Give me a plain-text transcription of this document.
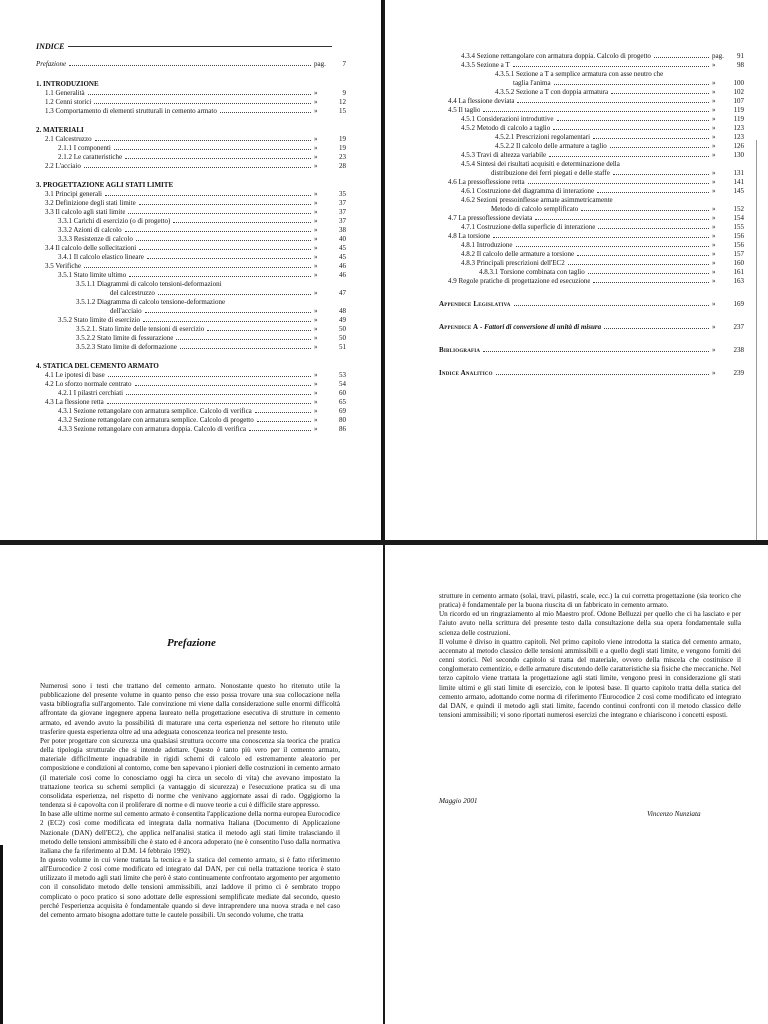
INDICE
Prefazione	pag.	7
1. INTRODUZIONE
1.1 Generalità	»	9
1.2 Cenni storici	»	12
1.3 Comportamento di elementi strutturali in cemento armato	»	15
2. MATERIALI
2.1 Calcestruzzo	»	19
2.1.1 I componenti	»	19
2.1.2 Le caratteristiche	»	23
2.2 L'acciaio	»	28
3. PROGETTAZIONE AGLI STATI LIMITE
3.1 Principi generali	»	35
3.2 Definizione degli stati limite	»	37
3.3 Il calcolo agli stati limite	»	37
3.3.1 Carichi di esercizio (o di progetto)	»	37
3.3.2 Azioni di calcolo	»	38
3.3.3 Resistenze di calcolo	»	40
3.4 Il calcolo delle sollecitazioni	»	45
3.4.1 Il calcolo elastico lineare	»	45
3.5 Verifiche	»	46
3.5.1 Stato limite ultimo	»	46
3.5.1.1 Diagrammi di calcolo tensioni-deformazioni
del calcestruzzo	»	47
3.5.1.2 Diagramma di calcolo tensione-deformazione
dell'acciaio	»	48
3.5.2 Stato limite di esercizio	»	49
3.5.2.1. Stato limite delle tensioni di esercizio	»	50
3.5.2.2 Stato limite di fessurazione	»	50
3.5.2.3 Stato limite di deformazione	»	51
4. STATICA DEL CEMENTO ARMATO
4.1 Le ipotesi di base	»	53
4.2 Lo sforzo normale centrato	»	54
4.2.1 I pilastri cerchiati	»	60
4.3 La flessione retta	»	65
4.3.1 Sezione rettangolare con armatura semplice. Calcolo di verifica	»	69
4.3.2 Sezione rettangolare con armatura semplice. Calcolo di progetto	»	80
4.3.3 Sezione rettangolare con armatura doppia. Calcolo di verifica	»	86
4.3.4 Sezione rettangolare con armatura doppia. Calcolo di progetto	pag.	91
4.3.5 Sezione a T	»	98
4.3.5.1 Sezione a T a semplice armatura con asse neutro che
taglia l'anima	»	100
4.3.5.2 Sezione a T con doppia armatura	»	102
4.4 La flessione deviata	»	107
4.5 Il taglio	»	119
4.5.1 Considerazioni introduttive	»	119
4.5.2 Metodo di calcolo a taglio	»	123
4.5.2.1 Prescrizioni regolamentari	»	123
4.5.2.2 Il calcolo delle armature a taglio	»	126
4.5.3 Travi di altezza variabile	»	130
4.5.4 Sintesi dei risultati acquisiti e determinazione della
distribuzione dei ferri piegati e delle staffe	»	131
4.6 La pressoflessione retta	»	141
4.6.1 Costruzione del diagramma di interazione	»	145
4.6.2 Sezioni pressoinflesse armate asimmetricamente
Metodo di calcolo semplificato	»	152
4.7 La pressoflessione deviata	»	154
4.7.1 Costruzione della superficie di interazione	»	155
4.8 La torsione	»	156
4.8.1 Introduzione	»	156
4.8.2 Il calcolo delle armature a torsione	»	157
4.8.3 Principali prescrizioni dell'EC2	»	160
4.8.3.1 Torsione combinata con taglio	»	161
4.9 Regole pratiche di progettazione ed esecuzione	»	163
Appendice Legislativa	»	169
Appendice A - Fattori di conversione di unità di misura	»	237
Bibliografia	»	238
Indice Analitico	»	239
Prefazione

Numerosi sono i testi che trattano del cemento armato. Nonostante questo ho ritenuto utile la pubblicazione del presente volume in quanto penso che esso possa trovare una sua collocazione nella vasta bibliografia sull'argomento. Tale convinzione mi viene dalla considerazione sulle enormi difficoltà affrontate da giovane ingegnere appena laureato nella progettazione esecutiva di strutture in cemento armato, ed avendo avuto la possibilità di maturare una certa esperienza nel settore ho ritenuto utile trasferire questa esperienza oltre ad una adeguata conoscenza teorica nel presente testo.

Per poter progettare con sicurezza una qualsiasi struttura occorre una conoscenza sia teorica che pratica della tipologia strutturale che si intende adottare. Questo è tanto più vero per il cemento armato, materiale difficilmente inquadrabile in rigidi schemi di calcolo ed estremamente aleatorio per composizione e condizioni al contorno, come ben sapevano i pionieri delle costruzioni in cemento armato (il materiale così come lo conosciamo oggi ha circa un secolo di vita) che avevano impostato la trattazione teorica su schemi semplici (a vantaggio di sicurezza) e l'esecuzione pratica su di una consolidata esperienza, nel rispetto di norme che venivano aggiornate assai di rado. Oggigiorno la tendenza si è capovolta con il proliferare di norme e di nuove teorie a cui è difficile stare appresso.

In base alle ultime norme sul cemento armato è consentita l'applicazione della norma europea Eurocodice 2 (EC2) così come modificata ed integrata dalla normativa Italiana (Documento di Applicazione Nazionale (DAN) dell'EC2), che applica nell'analisi statica il metodo agli stati limite tralasciando il metodo delle tensioni ammissibili che è stato ed è ancora adoperato (ne è consentito l'uso dalla normativa italiana che fa riferimento al D.M. 14 febbraio 1992).

In questo volume in cui viene trattata la tecnica e la statica del cemento armato, si è fatto riferimento all'Eurocodice 2 così come modificato ed integrato dal DAN, per cui nella trattazione teorica è stato utilizzato il metodo agli stati limite che però è stato continuamente confrontato argomento per argomento con il consolidato metodo delle tensioni ammissibili, anzi laddove il primo ci è sembrato troppo complicato o poco pratico si sono adottate delle espressioni semplificate mediate dal secondo, questo perché l'esperienza acquisita è fondamentale quando si deve intraprendere una nuova strada e nel caso del cemento armato bisogna adottare tutte le cautele possibili. Un secondo volume, che tratta

strutture in cemento armato (solai, travi, pilastri, scale, ecc.) la cui corretta progettazione (sia teorico che pratica) è fondamentale per la buona riuscita di un fabbricato in cemento armato.

Un ricordo ed un ringraziamento al mio Maestro prof. Odone Belluzzi per quello che ci ha lasciato e per l'aiuto avuto nella scrittura del presente testo dalla consultazione della sua opera fondamentale sulla scienza delle costruzioni.

Il volume è diviso in quattro capitoli. Nel primo capitolo viene introdotta la statica del cemento armato, accennato al metodo classico delle tensioni ammissibili e a quello degli stati limite, e vengono forniti dei cenni storici. Nel secondo capitolo si tratta del materiale, ovvero della miscela che costituisce il conglomerato cementizio, e delle armature discutendo delle caratteristiche sia fisiche che meccaniche. Nel terzo capitolo viene trattata la progettazione agli stati limite, vengono presi in considerazione gli stati limite ultimi e gli stati limite di esercizio, con le ipotesi base. Il quarto capitolo tratta della statica del cemento armato, adottando come norma di riferimento l'Eurocodice 2 così come modificato ed integrato dal DAN, e quindi il metodo agli stati limite, facendo continui confronti con il metodo classico delle tensioni ammissibili; vi sono riportati numerosi esercizi che integrano e chiariscono i concetti esposti.

Maggio 2001
Vincenzo Nunziata
